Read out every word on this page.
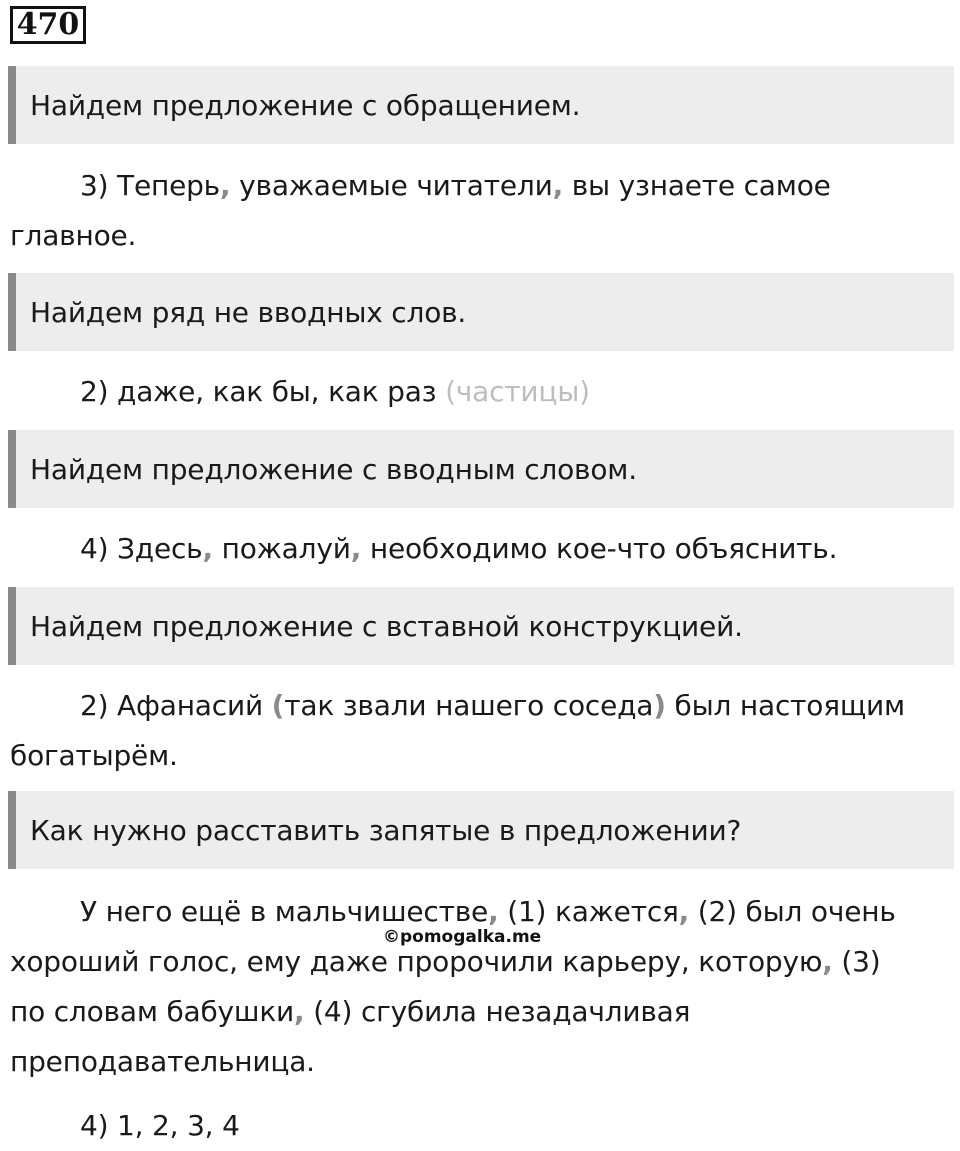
470
Найдем предложение с обращением.
3) Теперь, уважаемые читатели, вы узнаете самое
главное.
Найдем ряд не вводных слов.
2) даже, как бы, как раз (частицы)
Найдем предложение с вводным словом.
4) Здесь, пожалуй, необходимо кое-что объяснить.
Найдем предложение с вставной конструкцией.
2) Афанасий (так звали нашего соседа) был настоящим
богатырём.
Как нужно расставить запятые в предложении?
У него ещё в мальчишестве, (1) кажется, (2) был очень
хороший голос, ему даже пророчили карьеру, которую, (3)
по словам бабушки, (4) сгубила незадачливая
преподавательница.
4) 1, 2, 3, 4
©pomogalka.me
